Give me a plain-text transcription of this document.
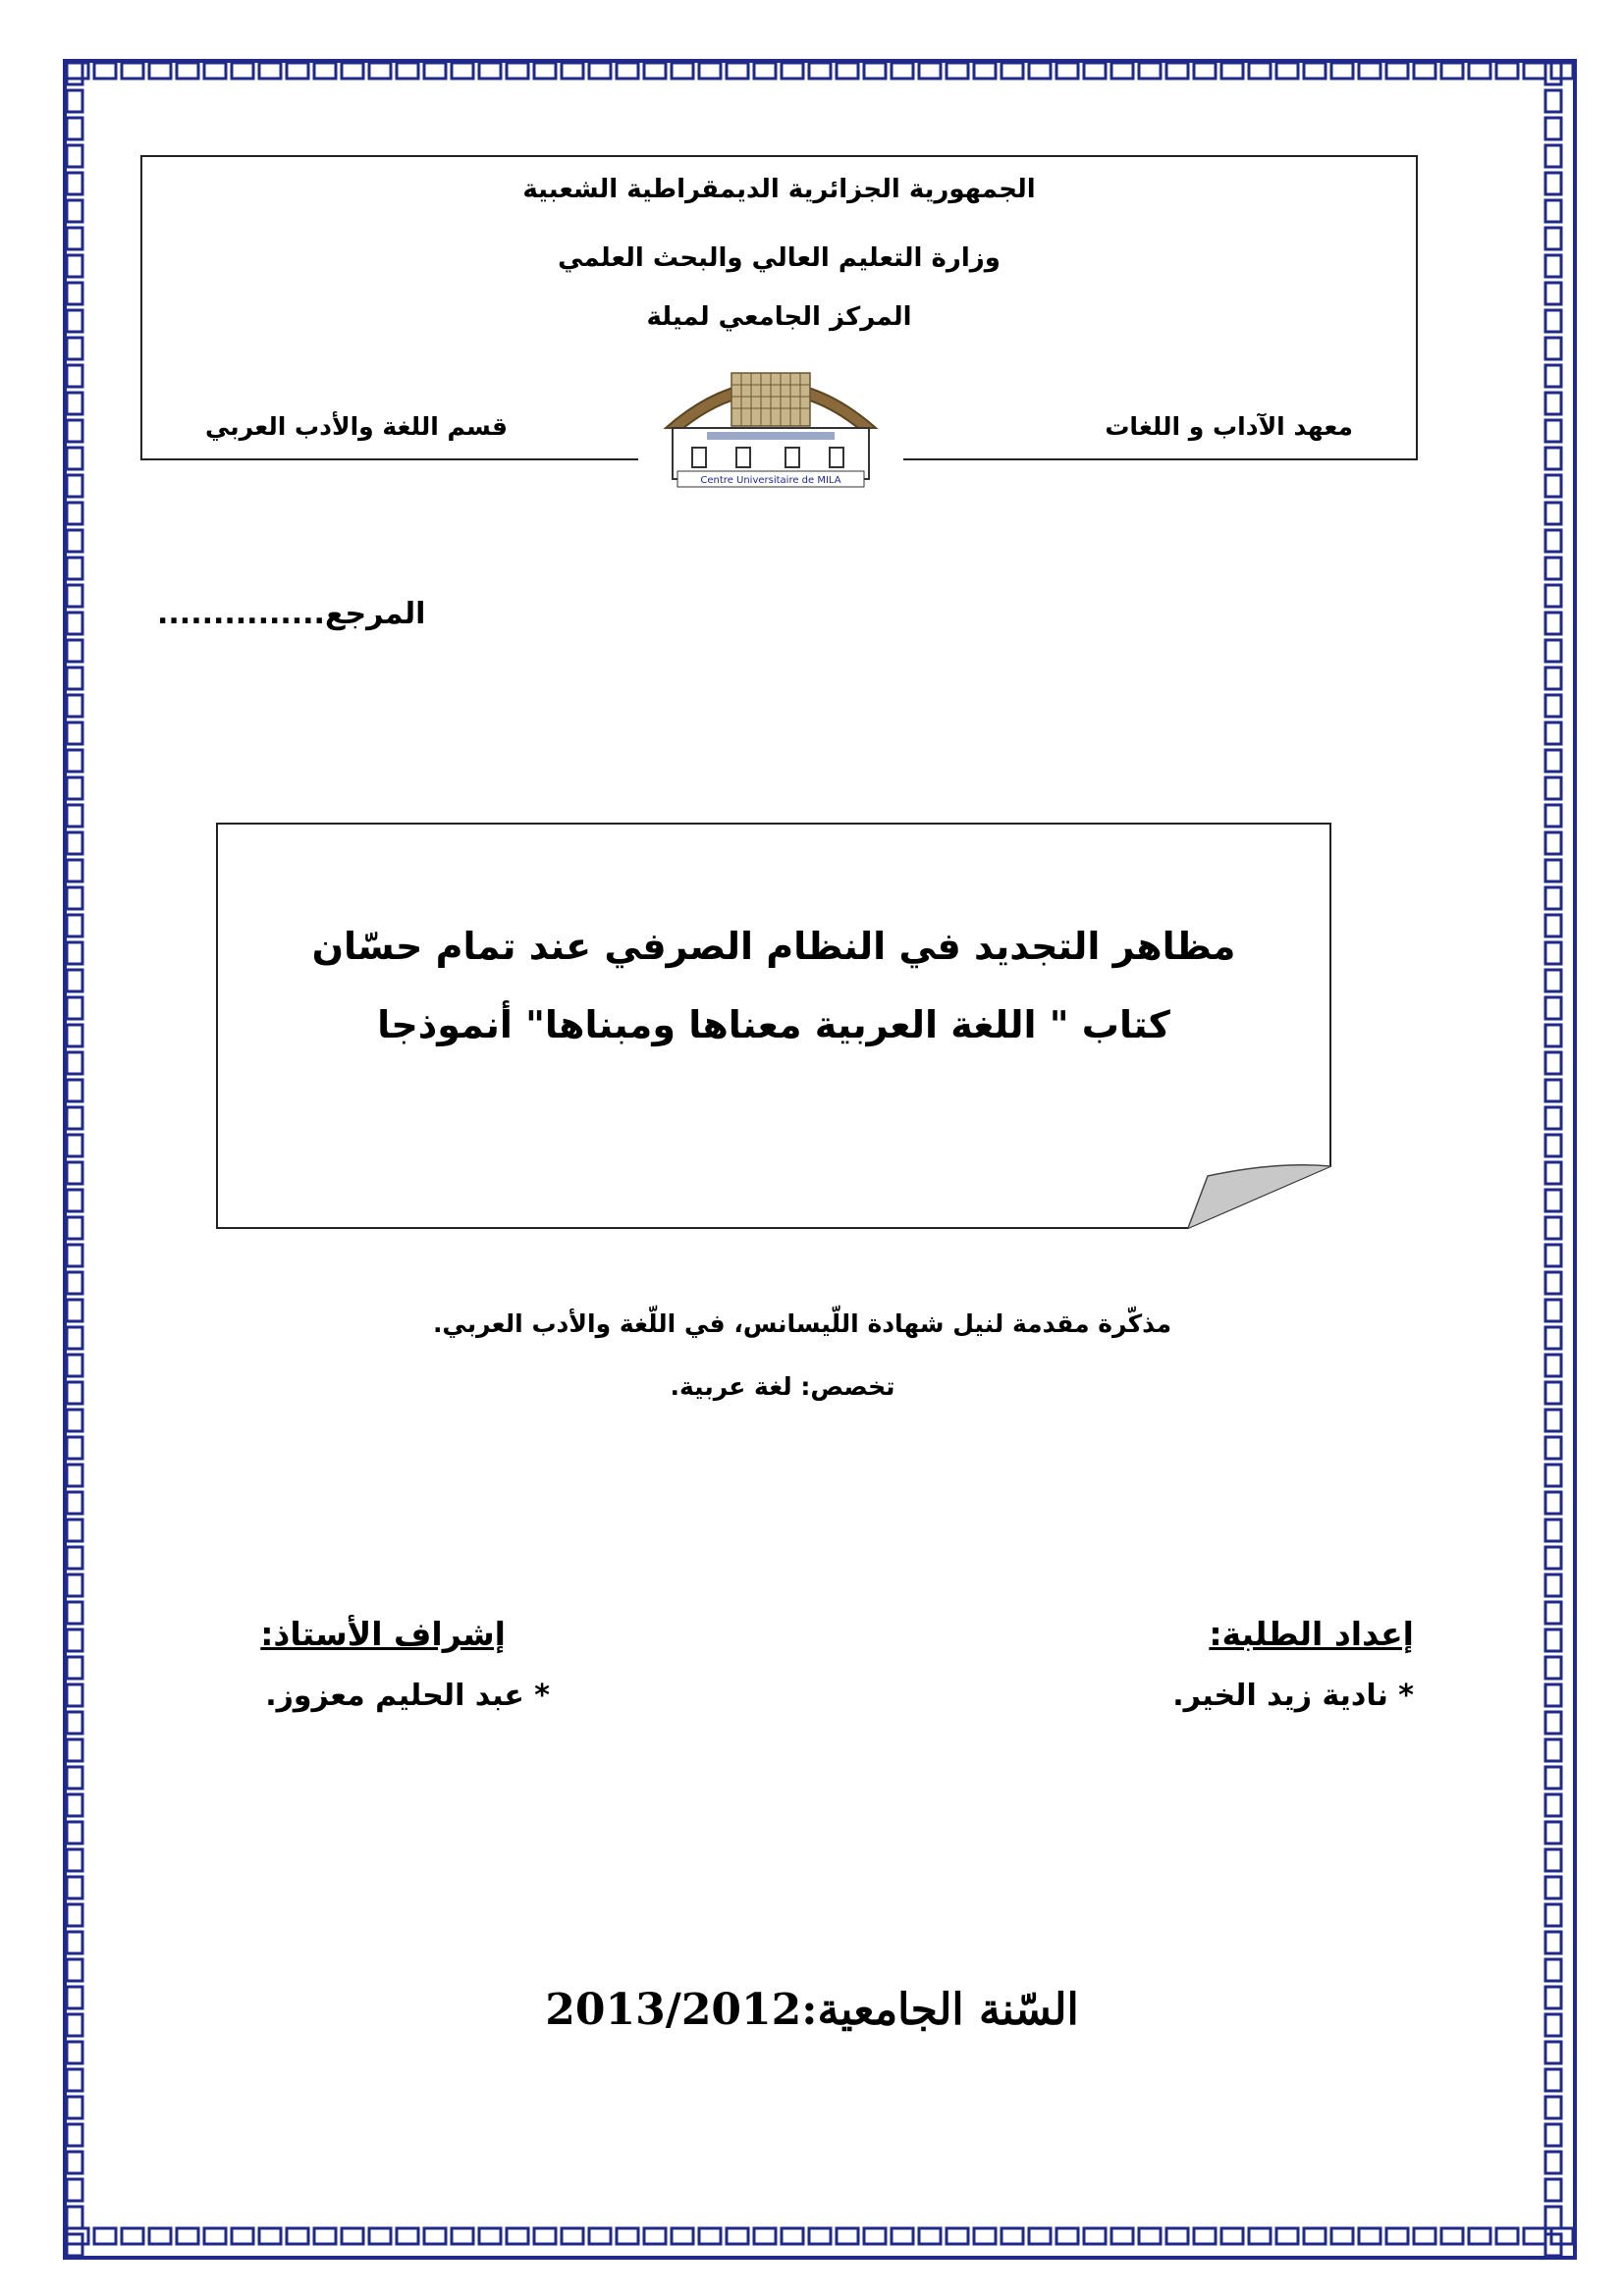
الجمهورية الجزائرية الديمقراطية الشعبية
وزارة التعليم العالي والبحث العلمي
المركز الجامعي لميلة
قسم اللغة والأدب العربي	معهد الآداب و اللغات
Centre Universitaire de MILA
المرجع...............
مظاهر التجديد في النظام الصرفي عند تمام حسّان
كتاب " اللغة العربية معناها ومبناها" أنموذجا
مذكّرة مقدمة لنيل شهادة اللّيسانس، في اللّغة والأدب العربي.
تخصص: لغة عربية.
إعداد الطلبة:
* نادية زيد الخير.
إشراف الأستاذ:
* عبد الحليم معزوز.
السّنة الجامعية:2013/2012
